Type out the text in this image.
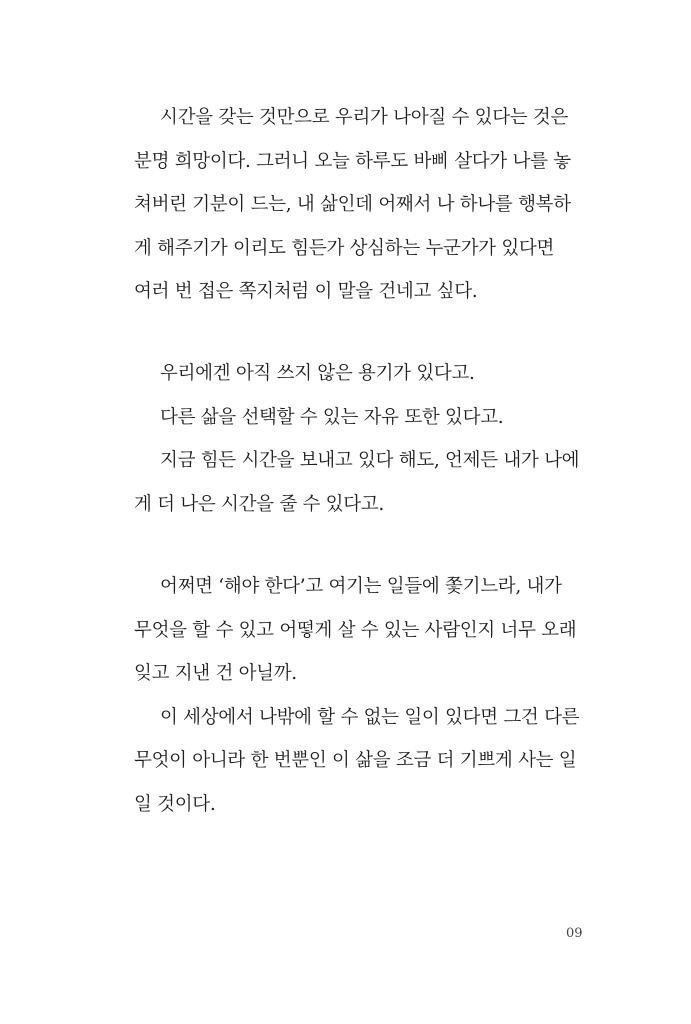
시간을 갖는 것만으로 우리가 나아질 수 있다는 것은
분명 희망이다. 그러니 오늘 하루도 바삐 살다가 나를 놓
쳐버린 기분이 드는, 내 삶인데 어째서 나 하나를 행복하
게 해주기가 이리도 힘든가 상심하는 누군가가 있다면
여러 번 접은 쪽지처럼 이 말을 건네고 싶다.
우리에겐 아직 쓰지 않은 용기가 있다고.
다른 삶을 선택할 수 있는 자유 또한 있다고.
지금 힘든 시간을 보내고 있다 해도, 언제든 내가 나에
게 더 나은 시간을 줄 수 있다고.
어쩌면 ‘해야 한다’고 여기는 일들에 쫓기느라, 내가
무엇을 할 수 있고 어떻게 살 수 있는 사람인지 너무 오래
잊고 지낸 건 아닐까.
이 세상에서 나밖에 할 수 없는 일이 있다면 그건 다른
무엇이 아니라 한 번뿐인 이 삶을 조금 더 기쁘게 사는 일
일 것이다.
09
